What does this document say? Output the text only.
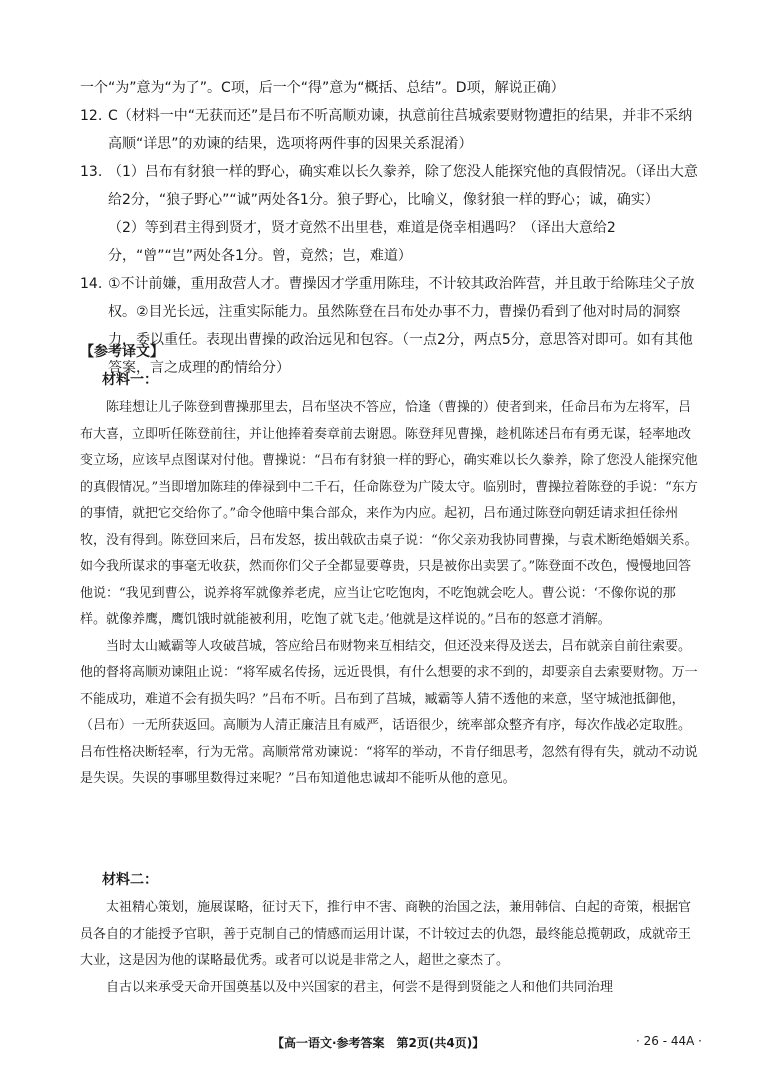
一个“为”意为“为了”。C项，后一个“得”意为“概括、总结”。D项，解说正确）

12. C（材料一中“无获而还”是吕布不听高顺劝谏，执意前往莒城索要财物遭拒的结果，并非不采纳高顺“详思”的劝谏的结果，选项将两件事的因果关系混淆）
13. （1）吕布有豺狼一样的野心，确实难以长久豢养，除了您没人能探究他的真假情况。（译出大意给2分，“狼子野心”“诚”两处各1分。狼子野心，比喻义，像豺狼一样的野心；诚，确实）

（2）等到君主得到贤才，贤才竟然不出里巷，难道是侥幸相遇吗？（译出大意给2分，“曾”“岂”两处各1分。曾，竟然；岂，难道）

14. ①不计前嫌，重用敌营人才。曹操因才学重用陈珪，不计较其政治阵营，并且敢于给陈珪父子放权。②目光长远，注重实际能力。虽然陈登在吕布处办事不力，曹操仍看到了他对时局的洞察力，委以重任。表现出曹操的政治远见和包容。（一点2分，两点5分，意思答对即可。如有其他答案，言之成理的酌情给分）
【参考译文】
材料一：

陈珪想让儿子陈登到曹操那里去，吕布坚决不答应，恰逢（曹操的）使者到来，任命吕布为左将军，吕布大喜，立即听任陈登前往，并让他捧着奏章前去谢恩。陈登拜见曹操，趁机陈述吕布有勇无谋，轻率地改变立场，应该早点图谋对付他。曹操说：“吕布有豺狼一样的野心，确实难以长久豢养，除了您没人能探究他的真假情况。”当即增加陈珪的俸禄到中二千石，任命陈登为广陵太守。临别时，曹操拉着陈登的手说：“东方的事情，就把它交给你了。”命令他暗中集合部众，来作为内应。起初，吕布通过陈登向朝廷请求担任徐州牧，没有得到。陈登回来后，吕布发怒，拔出戟砍击桌子说：“你父亲劝我协同曹操，与袁术断绝婚姻关系。如今我所谋求的事毫无收获，然而你们父子全都显要尊贵，只是被你出卖罢了。”陈登面不改色，慢慢地回答他说：“我见到曹公，说养将军就像养老虎，应当让它吃饱肉，不吃饱就会吃人。曹公说：‘不像你说的那样。就像养鹰，鹰饥饿时就能被利用，吃饱了就飞走。’他就是这样说的。”吕布的怒意才消解。

当时太山臧霸等人攻破莒城，答应给吕布财物来互相结交，但还没来得及送去，吕布就亲自前往索要。他的督将高顺劝谏阻止说：“将军威名传扬，远近畏惧，有什么想要的求不到的，却要亲自去索要财物。万一不能成功，难道不会有损失吗？”吕布不听。吕布到了莒城，臧霸等人猜不透他的来意，坚守城池抵御他，（吕布）一无所获返回。高顺为人清正廉洁且有威严，话语很少，统率部众整齐有序，每次作战必定取胜。吕布性格决断轻率，行为无常。高顺常常劝谏说：“将军的举动，不肯仔细思考，忽然有得有失，就动不动说是失误。失误的事哪里数得过来呢？”吕布知道他忠诚却不能听从他的意见。

材料二：

太祖精心策划，施展谋略，征讨天下，推行申不害、商鞅的治国之法，兼用韩信、白起的奇策，根据官员各自的才能授予官职，善于克制自己的情感而运用计谋，不计较过去的仇怨，最终能总揽朝政，成就帝王大业，这是因为他的谋略最优秀。或者可以说是非常之人，超世之豪杰了。

自古以来承受天命开国奠基以及中兴国家的君主，何尝不是得到贤能之人和他们共同治理

【高一语文·参考答案　第2页(共4页)】	· 26 - 44A ·
